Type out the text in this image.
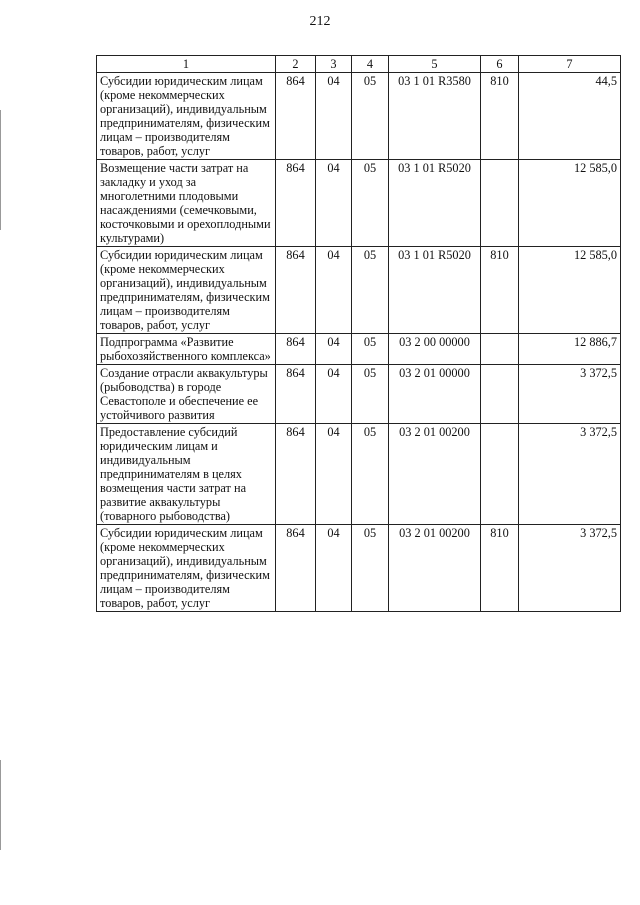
212
1	2	3	4	5	6	7
Субсидии юридическим лицам (кроме некоммерческих организаций), индивидуальным предпринимателям, физическим лицам – производителям товаров, работ, услуг	864	04	05	03 1 01 R3580	810	44,5
Возмещение части затрат на закладку и уход за многолетними плодовыми насаждениями (семечковыми, косточковыми и орехоплодными культурами)	864	04	05	03 1 01 R5020		12 585,0
Субсидии юридическим лицам (кроме некоммерческих организаций), индивидуальным предпринимателям, физическим лицам – производителям товаров, работ, услуг	864	04	05	03 1 01 R5020	810	12 585,0
Подпрограмма «Развитие рыбохозяйственного комплекса»	864	04	05	03 2 00 00000		12 886,7
Создание отрасли аквакультуры (рыбоводства) в городе Севастополе и обеспечение ее устойчивого развития	864	04	05	03 2 01 00000		3 372,5
Предоставление субсидий юридическим лицам и индивидуальным предпринимателям в целях возмещения части затрат на развитие аквакультуры (товарного рыбоводства)	864	04	05	03 2 01 00200		3 372,5
Субсидии юридическим лицам (кроме некоммерческих организаций), индивидуальным предпринимателям, физическим лицам – производителям товаров, работ, услуг	864	04	05	03 2 01 00200	810	3 372,5
